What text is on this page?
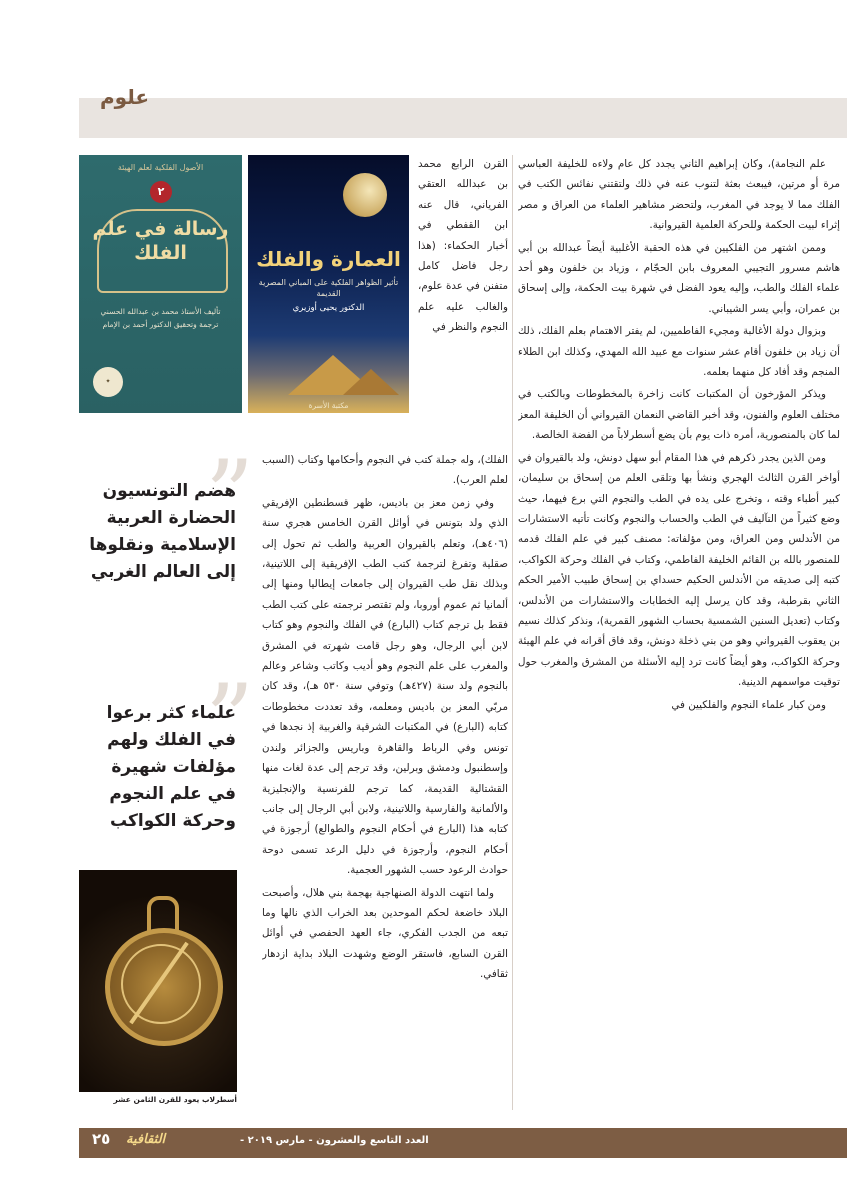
علوم

علم النجامة)، وكان إبراهيم الثاني يجدد كل عام ولاءه للخليفة العباسي مرة أو مرتين، فيبعث بعثة لتنوب عنه في ذلك ولتقتني نفائس الكتب في الفلك مما لا يوجد في المغرب، ولتحضر مشاهير العلماء من العراق و مصر إثراء لبيت الحكمة وللحركة العلمية القيروانية.

وممن اشتهر من الفلكيين في هذه الحقبة الأغلبية أيضاً عبدالله بن أبي هاشم مسرور التجيبي المعروف بابن الحجّام ، وزياد بن خلفون وهو أحد علماء الفلك والطب، وإليه يعود الفضل في شهرة بيت الحكمة، وإلى إسحاق بن عمران، وأبي يسر الشيباني.

وبزوال دولة الأغالبة ومجيء الفاطميين، لم يفتر الاهتمام بعلم الفلك، ذلك أن زياد بن خلفون أقام عشر سنوات مع عبيد الله المهدي، وكذلك ابن الطلاء المنجم وقد أفاد كل منهما بعلمه.

ويذكر المؤرخون أن المكتبات كانت زاخرة بالمخطوطات وبالكتب في مختلف العلوم والفنون، وقد أخبر القاضي النعمان القيرواني أن الخليفة المعز لما كان بالمنصورية، أمره ذات يوم بأن يضع أسطرلاباً من الفضة الخالصة.

ومن الذين يجدر ذكرهم في هذا المقام أبو سهل دونش، ولد بالقيروان في أواخر القرن الثالث الهجري ونشأ بها وتلقى العلم من إسحاق بن سليمان، كبير أطباء وقته ، وتخرج على يده في الطب والنجوم التي برع فيهما، حيث وضع كثيراً من التآليف في الطب والحساب والنجوم وكانت تأتيه الاستشارات من الأندلس ومن العراق، ومن مؤلفاته: مصنف كبير في علم الفلك قدمه للمنصور بالله بن القائم الخليفة الفاطمي، وكتاب في الفلك وحركة الكواكب، كتبه إلى صديقه من الأندلس الحكيم حسداي بن إسحاق طبيب الأمير الحكم الثاني بقرطبة، وقد كان يرسل إليه الخطابات والاستشارات من الأندلس، وكتاب (تعديل السنين الشمسية بحساب الشهور القمرية)، ونذكر كذلك نسيم بن يعقوب القيرواني وهو من بني ذخلة دونش، وقد فاق أقرانه في علم الهيئة وحركة الكواكب، وهو أيضاً كانت ترد إليه الأسئلة من المشرق والمغرب حول توقيت مواسمهم الدينية.

ومن كبار علماء النجوم والفلكيين في

القرن الرابع محمد بن عبدالله العتقي الفرياني، قال عنه ابن القفطي في أخبار الحكماء: (هذا رجل فاضل كامل متفنن في عدة علوم، والغالب عليه علم النجوم والنظر في

الفلك)، وله جملة كتب في النجوم وأحكامها وكتاب (السبب لعلم العرب).

وفي زمن معز بن باديس، ظهر قسطنطين الإفريقي الذي ولد بتونس في أوائل القرن الخامس هجري سنة (٤٠٦هـ)، وتعلم بالقيروان العربية والطب ثم تحول إلى صقلية وتفرغ لترجمة كتب الطب الإفريقية إلى اللاتينية، وبذلك نقل طب القيروان إلى جامعات إيطاليا ومنها إلى ألمانيا ثم عموم أوروبا، ولم تقتصر ترجمته على كتب الطب فقط بل ترجم كتاب (البارع) في الفلك والنجوم وهو كتاب لابن أبي الرجال، وهو رجل قامت شهرته في المشرق والمغرب على علم النجوم وهو أديب وكاتب وشاعر وعالم بالنجوم ولد سنة (٤٢٧هـ) وتوفي سنة ٥٣٠ هـ)، وقد كان مربّي المعز بن باديس ومعلمه، وقد تعددت مخطوطات كتابه (البارع) في المكتبات الشرقية والغربية إذ نجدها في تونس وفي الرباط والقاهرة وباريس والجزائر ولندن وإسطنبول ودمشق وبرلين، وقد ترجم إلى عدة لغات منها القشتالية القديمة، كما ترجم للفرنسية والإنجليزية والألمانية والفارسية واللاتينية، ولابن أبي الرجال إلى جانب كتابه هذا (البارع في أحكام النجوم والطوالع) أرجوزة في أحكام النجوم، وأرجوزة في دليل الرعد تسمى دوحة حوادث الرعود حسب الشهور العجمية.

ولما انتهت الدولة الصنهاجية بهجمة بني هلال، وأصبحت البلاد خاضعة لحكم الموحدين بعد الخراب الذي نالها وما تبعه من الجدب الفكري، جاء العهد الحفصي في أوائل القرن السابع، فاستقر الوضع وشهدت البلاد بداية ازدهار ثقافي.

العمارة والفلك
تأثير الظواهر الفلكية على المباني المصرية القديمة
الدكتور يحيى أوزيري
مكتبة الأسرة
الأصول الفلكية لعلم الهيئة
٢
رسالة في علم الفلك
تأليف الأستاذ محمد بن عبدالله الحسني ترجمة وتحقيق الدكتور أحمد بن الإمام
✦
”
هضم التونسيون الحضارة العربية الإسلامية ونقلوها إلى العالم الغربي
”
علماء كثر برعوا في الفلك ولهم مؤلفات شهيرة في علم النجوم وحركة الكواكب
أسطرلاب يعود للقرن الثامن عشر
٢٥ الثقافية	العدد التاسع والعشرون - مارس ٢٠١٩ -
